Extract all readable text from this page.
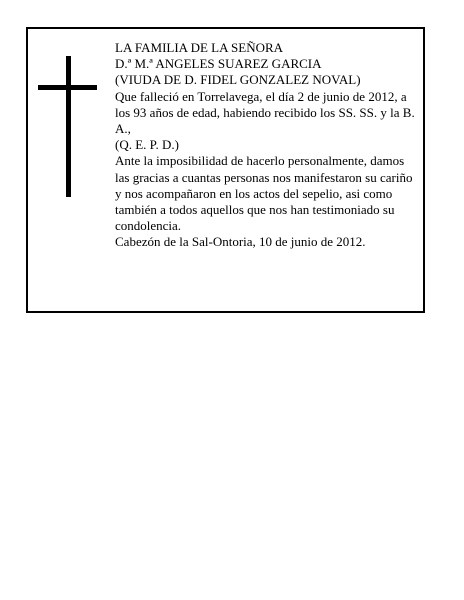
LA FAMILIA DE LA SEÑORA

D.ª M.ª ANGELES SUAREZ GARCIA

(VIUDA DE D. FIDEL GONZALEZ NOVAL)

Que falleció en Torrelavega, el día 2 de junio de 2012, a los 93 años de edad, habiendo recibido los SS. SS. y la B. A.,

(Q. E. P. D.)

Ante la imposibilidad de hacerlo personalmente, damos las gracias a cuantas personas nos manifestaron su cariño y nos acompañaron en los actos del sepelio, asi como también a todos aquellos que nos han testimoniado su condolencia.

Cabezón de la Sal-Ontoria, 10 de junio de 2012.
